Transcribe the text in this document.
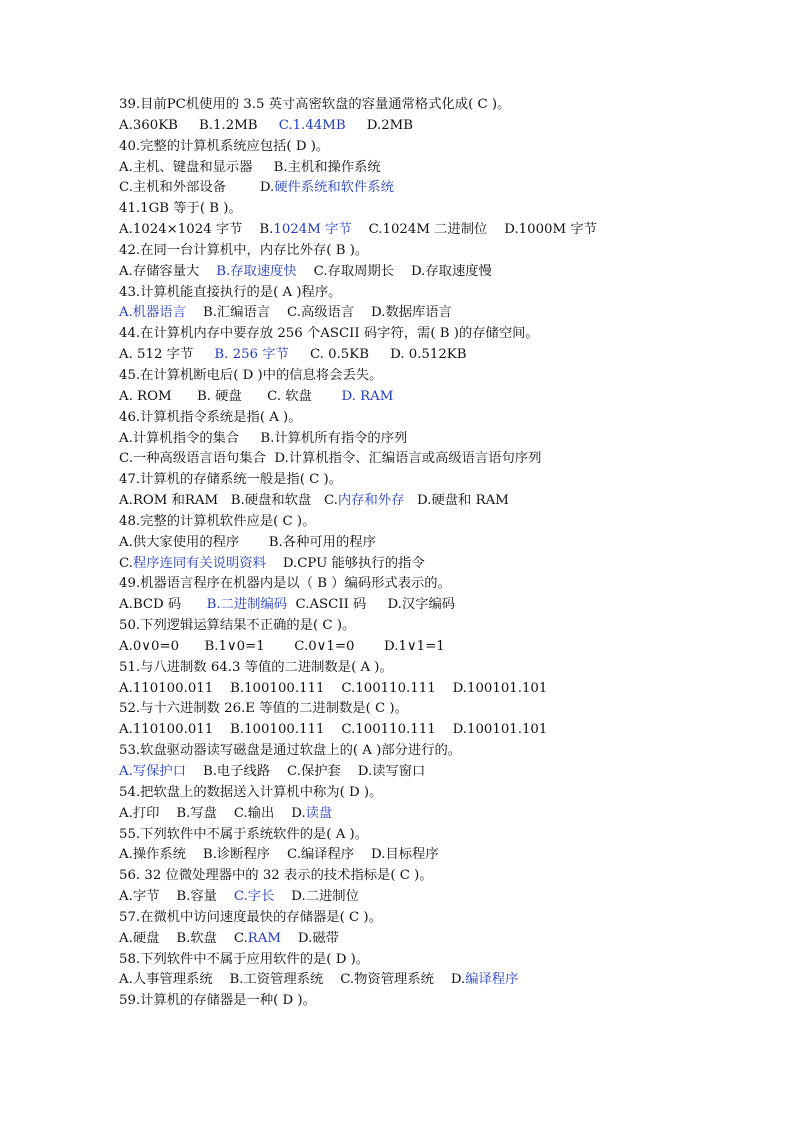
39.目前PC机使用的 3.5 英寸高密软盘的容量通常格式化成( C )。
A.360KB     B.1.2MB     C.1.44MB     D.2MB
40.完整的计算机系统应包括( D )。
A.主机、键盘和显示器     B.主机和操作系统
C.主机和外部设备        D.硬件系统和软件系统
41.1GB 等于( B )。
A.1024×1024 字节    B.1024M 字节    C.1024M 二进制位    D.1000M 字节
42.在同一台计算机中，内存比外存( B )。
A.存储容量大    B.存取速度快    C.存取周期长    D.存取速度慢
43.计算机能直接执行的是( A )程序。
A.机器语言    B.汇编语言    C.高级语言    D.数据库语言
44.在计算机内存中要存放 256 个ASCII 码字符，需( B )的存储空间。
A. 512 字节     B. 256 字节     C. 0.5KB     D. 0.512KB
45.在计算机断电后( D )中的信息将会丢失。
A. ROM      B. 硬盘      C. 软盘       D. RAM
46.计算机指令系统是指( A )。
A.计算机指令的集合     B.计算机所有指令的序列
C.一种高级语言语句集合  D.计算机指令、汇编语言或高级语言语句序列
47.计算机的存储系统一般是指( C )。
A.ROM 和RAM   B.硬盘和软盘   C.内存和外存   D.硬盘和 RAM
48.完整的计算机软件应是( C )。
A.供大家使用的程序       B.各种可用的程序
C.程序连同有关说明资料    D.CPU 能够执行的指令
49.机器语言程序在机器内是以（ B ）编码形式表示的。
A.BCD 码      B.二进制编码  C.ASCII 码     D.汉字编码
50.下列逻辑运算结果不正确的是( C )。
A.0∨0=0      B.1∨0=1       C.0∨1=0       D.1∨1=1
51.与八进制数 64.3 等值的二进制数是( A )。
A.110100.011    B.100100.111    C.100110.111    D.100101.101
52.与十六进制数 26.E 等值的二进制数是( C )。
A.110100.011    B.100100.111    C.100110.111    D.100101.101
53.软盘驱动器读写磁盘是通过软盘上的( A )部分进行的。
A.写保护口    B.电子线路    C.保护套    D.读写窗口
54.把软盘上的数据送入计算机中称为( D )。
A.打印    B.写盘    C.输出    D.读盘
55.下列软件中不属于系统软件的是( A )。
A.操作系统    B.诊断程序    C.编译程序    D.目标程序
56. 32 位微处理器中的 32 表示的技术指标是( C )。
A.字节    B.容量    C.字长    D.二进制位
57.在微机中访问速度最快的存储器是( C )。
A.硬盘    B.软盘    C.RAM    D.磁带
58.下列软件中不属于应用软件的是( D )。
A.人事管理系统    B.工资管理系统    C.物资管理系统    D.编译程序
59.计算机的存储器是一种( D )。
